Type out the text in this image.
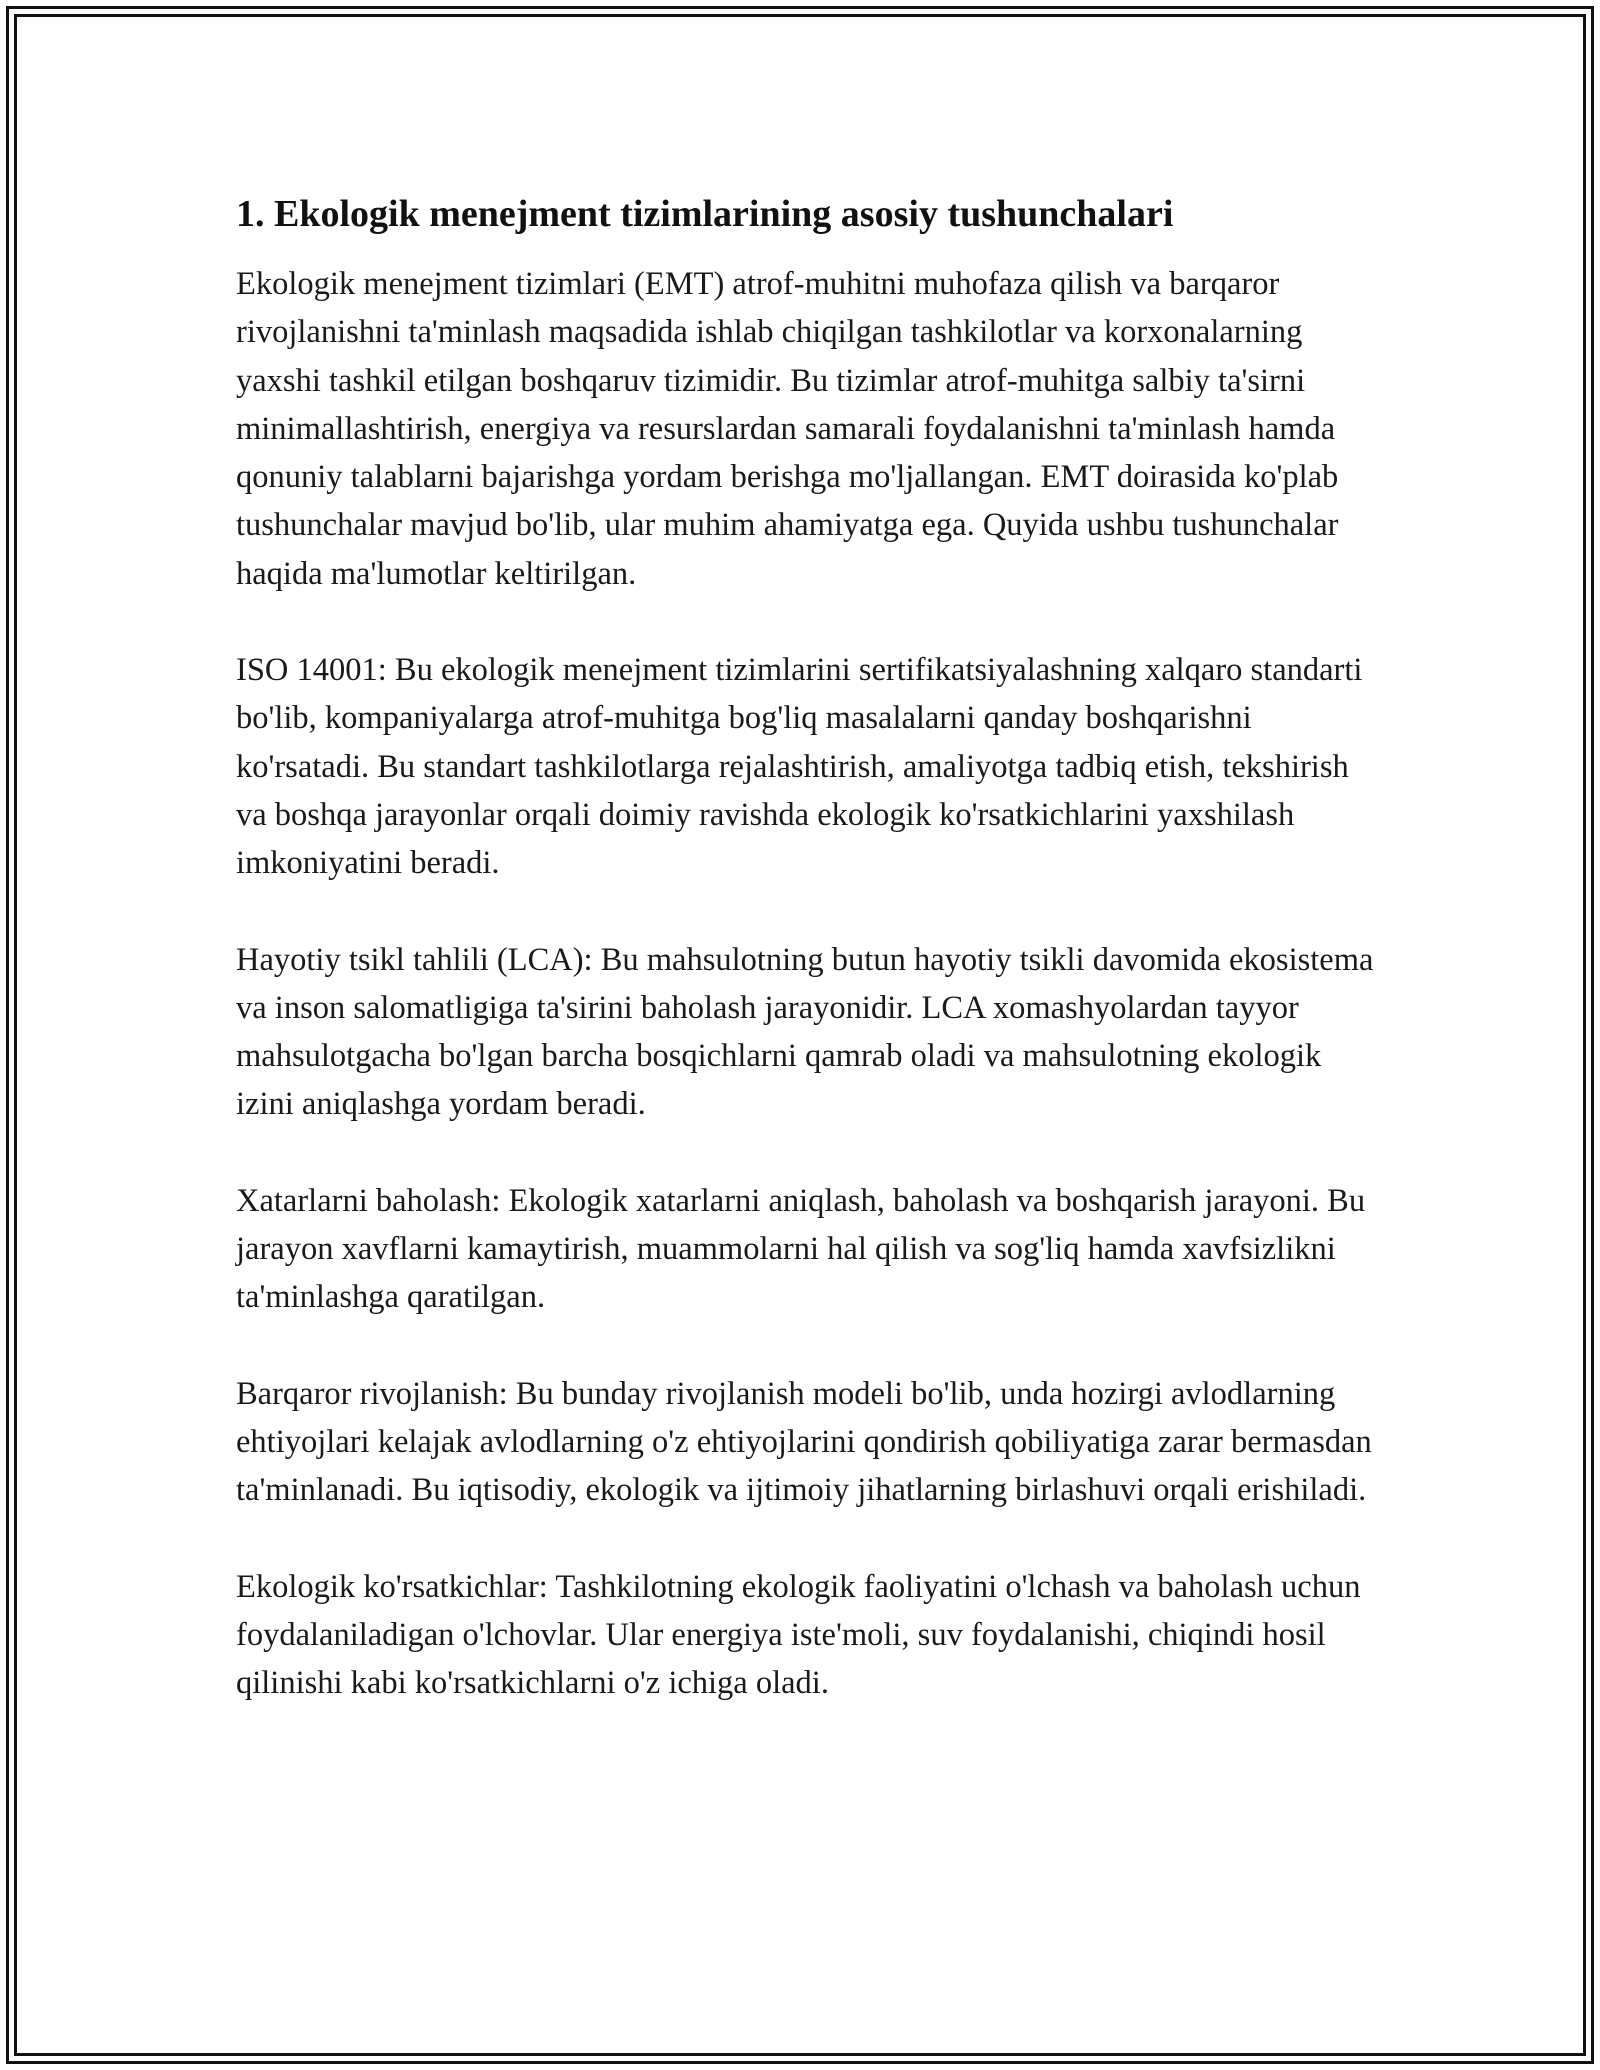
1. Ekologik menejment tizimlarining asosiy tushunchalari

Ekologik menejment tizimlari (EMT) atrof-muhitni muhofaza qilish va barqaror rivojlanishni ta'minlash maqsadida ishlab chiqilgan tashkilotlar va korxonalarning yaxshi tashkil etilgan boshqaruv tizimidir. Bu tizimlar atrof-muhitga salbiy ta'sirni minimallashtirish, energiya va resurslardan samarali foydalanishni ta'minlash hamda qonuniy talablarni bajarishga yordam berishga mo'ljallangan. EMT doirasida ko'plab tushunchalar mavjud bo'lib, ular muhim ahamiyatga ega. Quyida ushbu tushunchalar haqida ma'lumotlar keltirilgan.

ISO 14001: Bu ekologik menejment tizimlarini sertifikatsiyalashning xalqaro standarti bo'lib, kompaniyalarga atrof-muhitga bog'liq masalalarni qanday boshqarishni ko'rsatadi. Bu standart tashkilotlarga rejalashtirish, amaliyotga tadbiq etish, tekshirish va boshqa jarayonlar orqali doimiy ravishda ekologik ko'rsatkichlarini yaxshilash imkoniyatini beradi.

Hayotiy tsikl tahlili (LCA): Bu mahsulotning butun hayotiy tsikli davomida ekosistema va inson salomatligiga ta'sirini baholash jarayonidir. LCA xomashyolardan tayyor mahsulotgacha bo'lgan barcha bosqichlarni qamrab oladi va mahsulotning ekologik izini aniqlashga yordam beradi.

Xatarlarni baholash: Ekologik xatarlarni aniqlash, baholash va boshqarish jarayoni. Bu jarayon xavflarni kamaytirish, muammolarni hal qilish va sog'liq hamda xavfsizlikni ta'minlashga qaratilgan.

Barqaror rivojlanish: Bu bunday rivojlanish modeli bo'lib, unda hozirgi avlodlarning ehtiyojlari kelajak avlodlarning o'z ehtiyojlarini qondirish qobiliyatiga zarar bermasdan ta'minlanadi. Bu iqtisodiy, ekologik va ijtimoiy jihatlarning birlashuvi orqali erishiladi.

Ekologik ko'rsatkichlar: Tashkilotning ekologik faoliyatini o'lchash va baholash uchun foydalaniladigan o'lchovlar. Ular energiya iste'moli, suv foydalanishi, chiqindi hosil qilinishi kabi ko'rsatkichlarni o'z ichiga oladi.
